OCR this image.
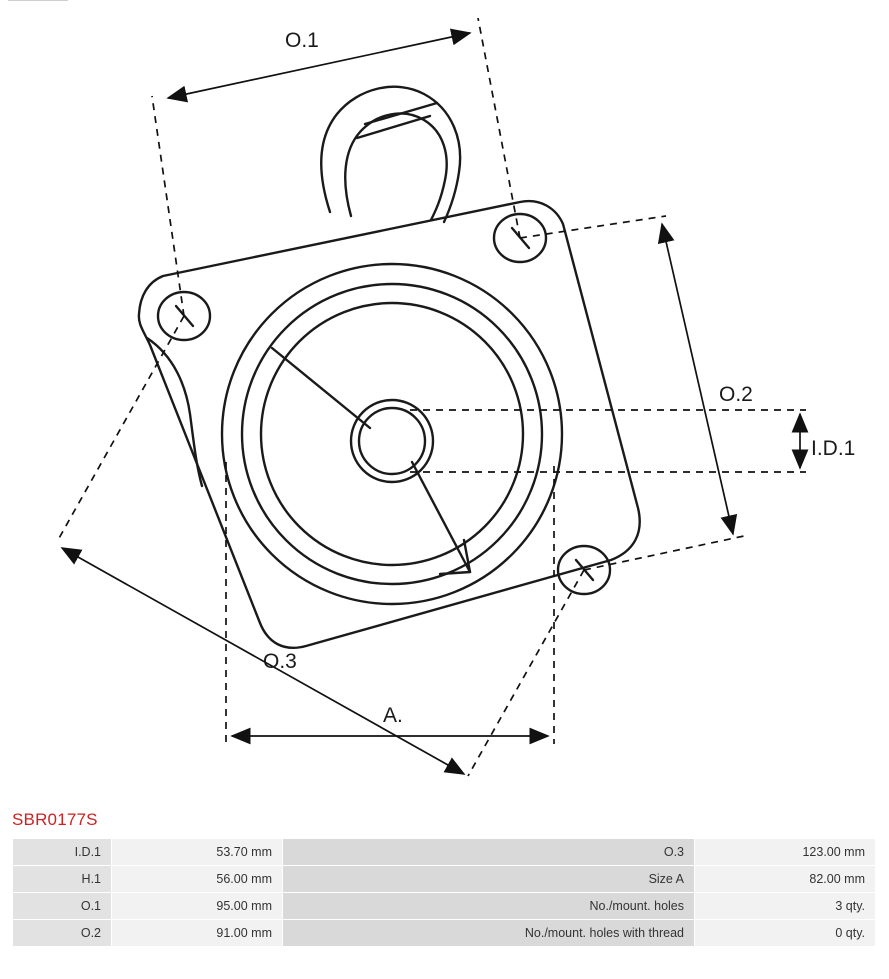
O.1
O.2
O.3
I.D.1
A.
SBR0177S
I.D.1	53.70 mm	O.3	123.00 mm
H.1	56.00 mm	Size A	82.00 mm
O.1	95.00 mm	No./mount. holes	3 qty.
O.2	91.00 mm	No./mount. holes with thread	0 qty.
